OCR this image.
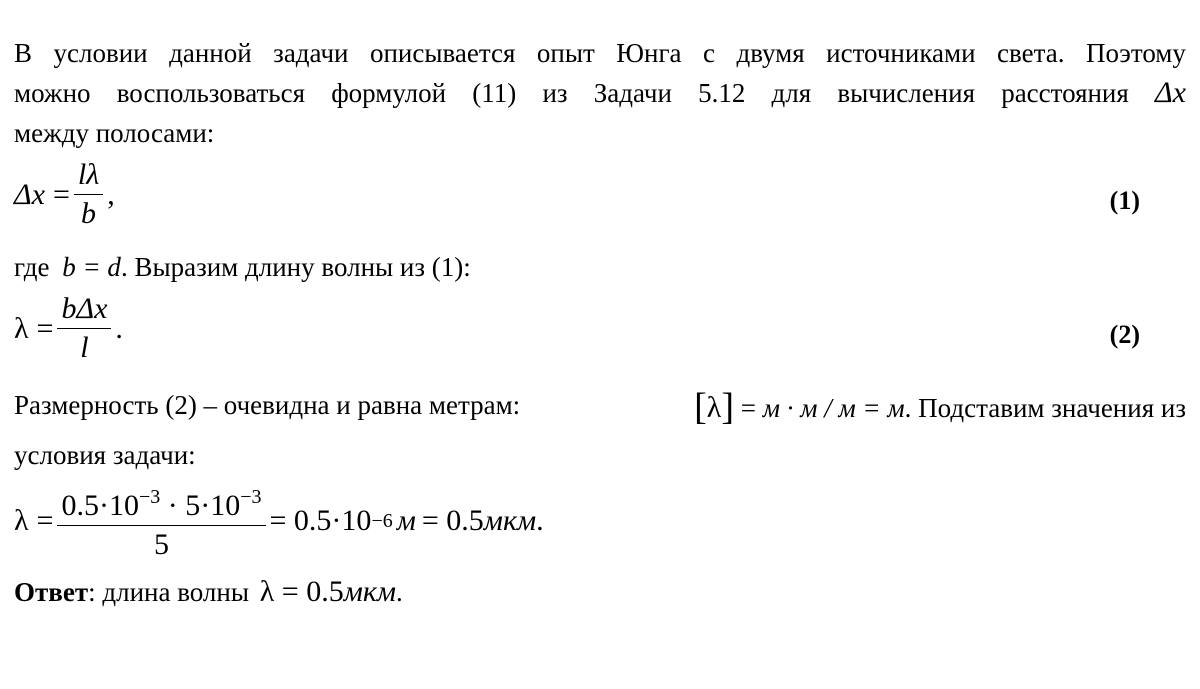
В условии данной задачи описывается опыт Юнга с двумя источниками света. Поэтому
можно воспользоваться формулой (11) из Задачи 5.12 для вычисления расстояния Δx
между полосами:
$\Delta x = \frac{l\lambda}{b}$ ,	(1)
где b = d. Выразим длину волны из (1):
$\lambda = \frac{\text{bΔx}}{l}$ .	(2)
Размерность (2) – очевидна и равна метрам:	[λ] = м · м / м = м. Подставим значения из
условия задачи:
$\lambda = \frac{0.5\cdot 10^{-3} \cdot 5\cdot 10^{-3}}{5} = 0.5\cdot 10 -6$ м = 0.5 мкм .
Ответ: длина волны λ = 0.5мкм.
